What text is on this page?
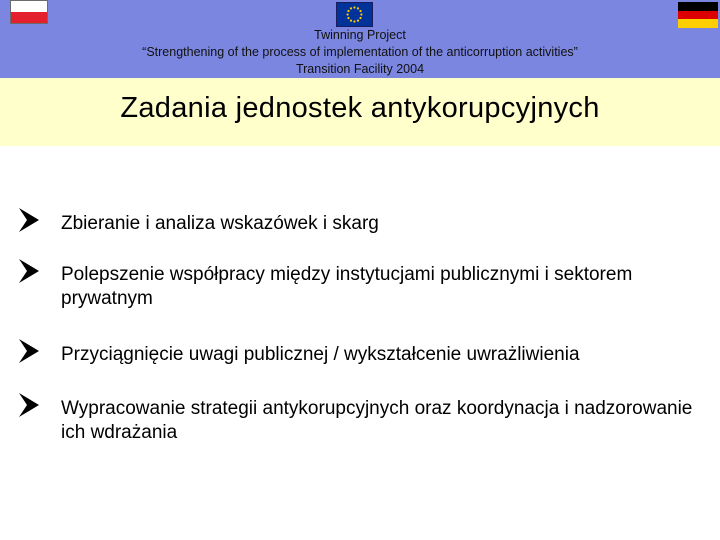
Twinning Project
“Strengthening of the process of implementation of the anticorruption activities”
Transition Facility 2004
Zadania jednostek antykorupcyjnych
Zbieranie i analiza wskazówek i skarg
Polepszenie współpracy między instytucjami publicznymi i sektorem prywatnym
Przyciągnięcie uwagi publicznej / wykształcenie uwrażliwienia
Wypracowanie strategii antykorupcyjnych oraz koordynacja i nadzorowanie ich wdrażania
